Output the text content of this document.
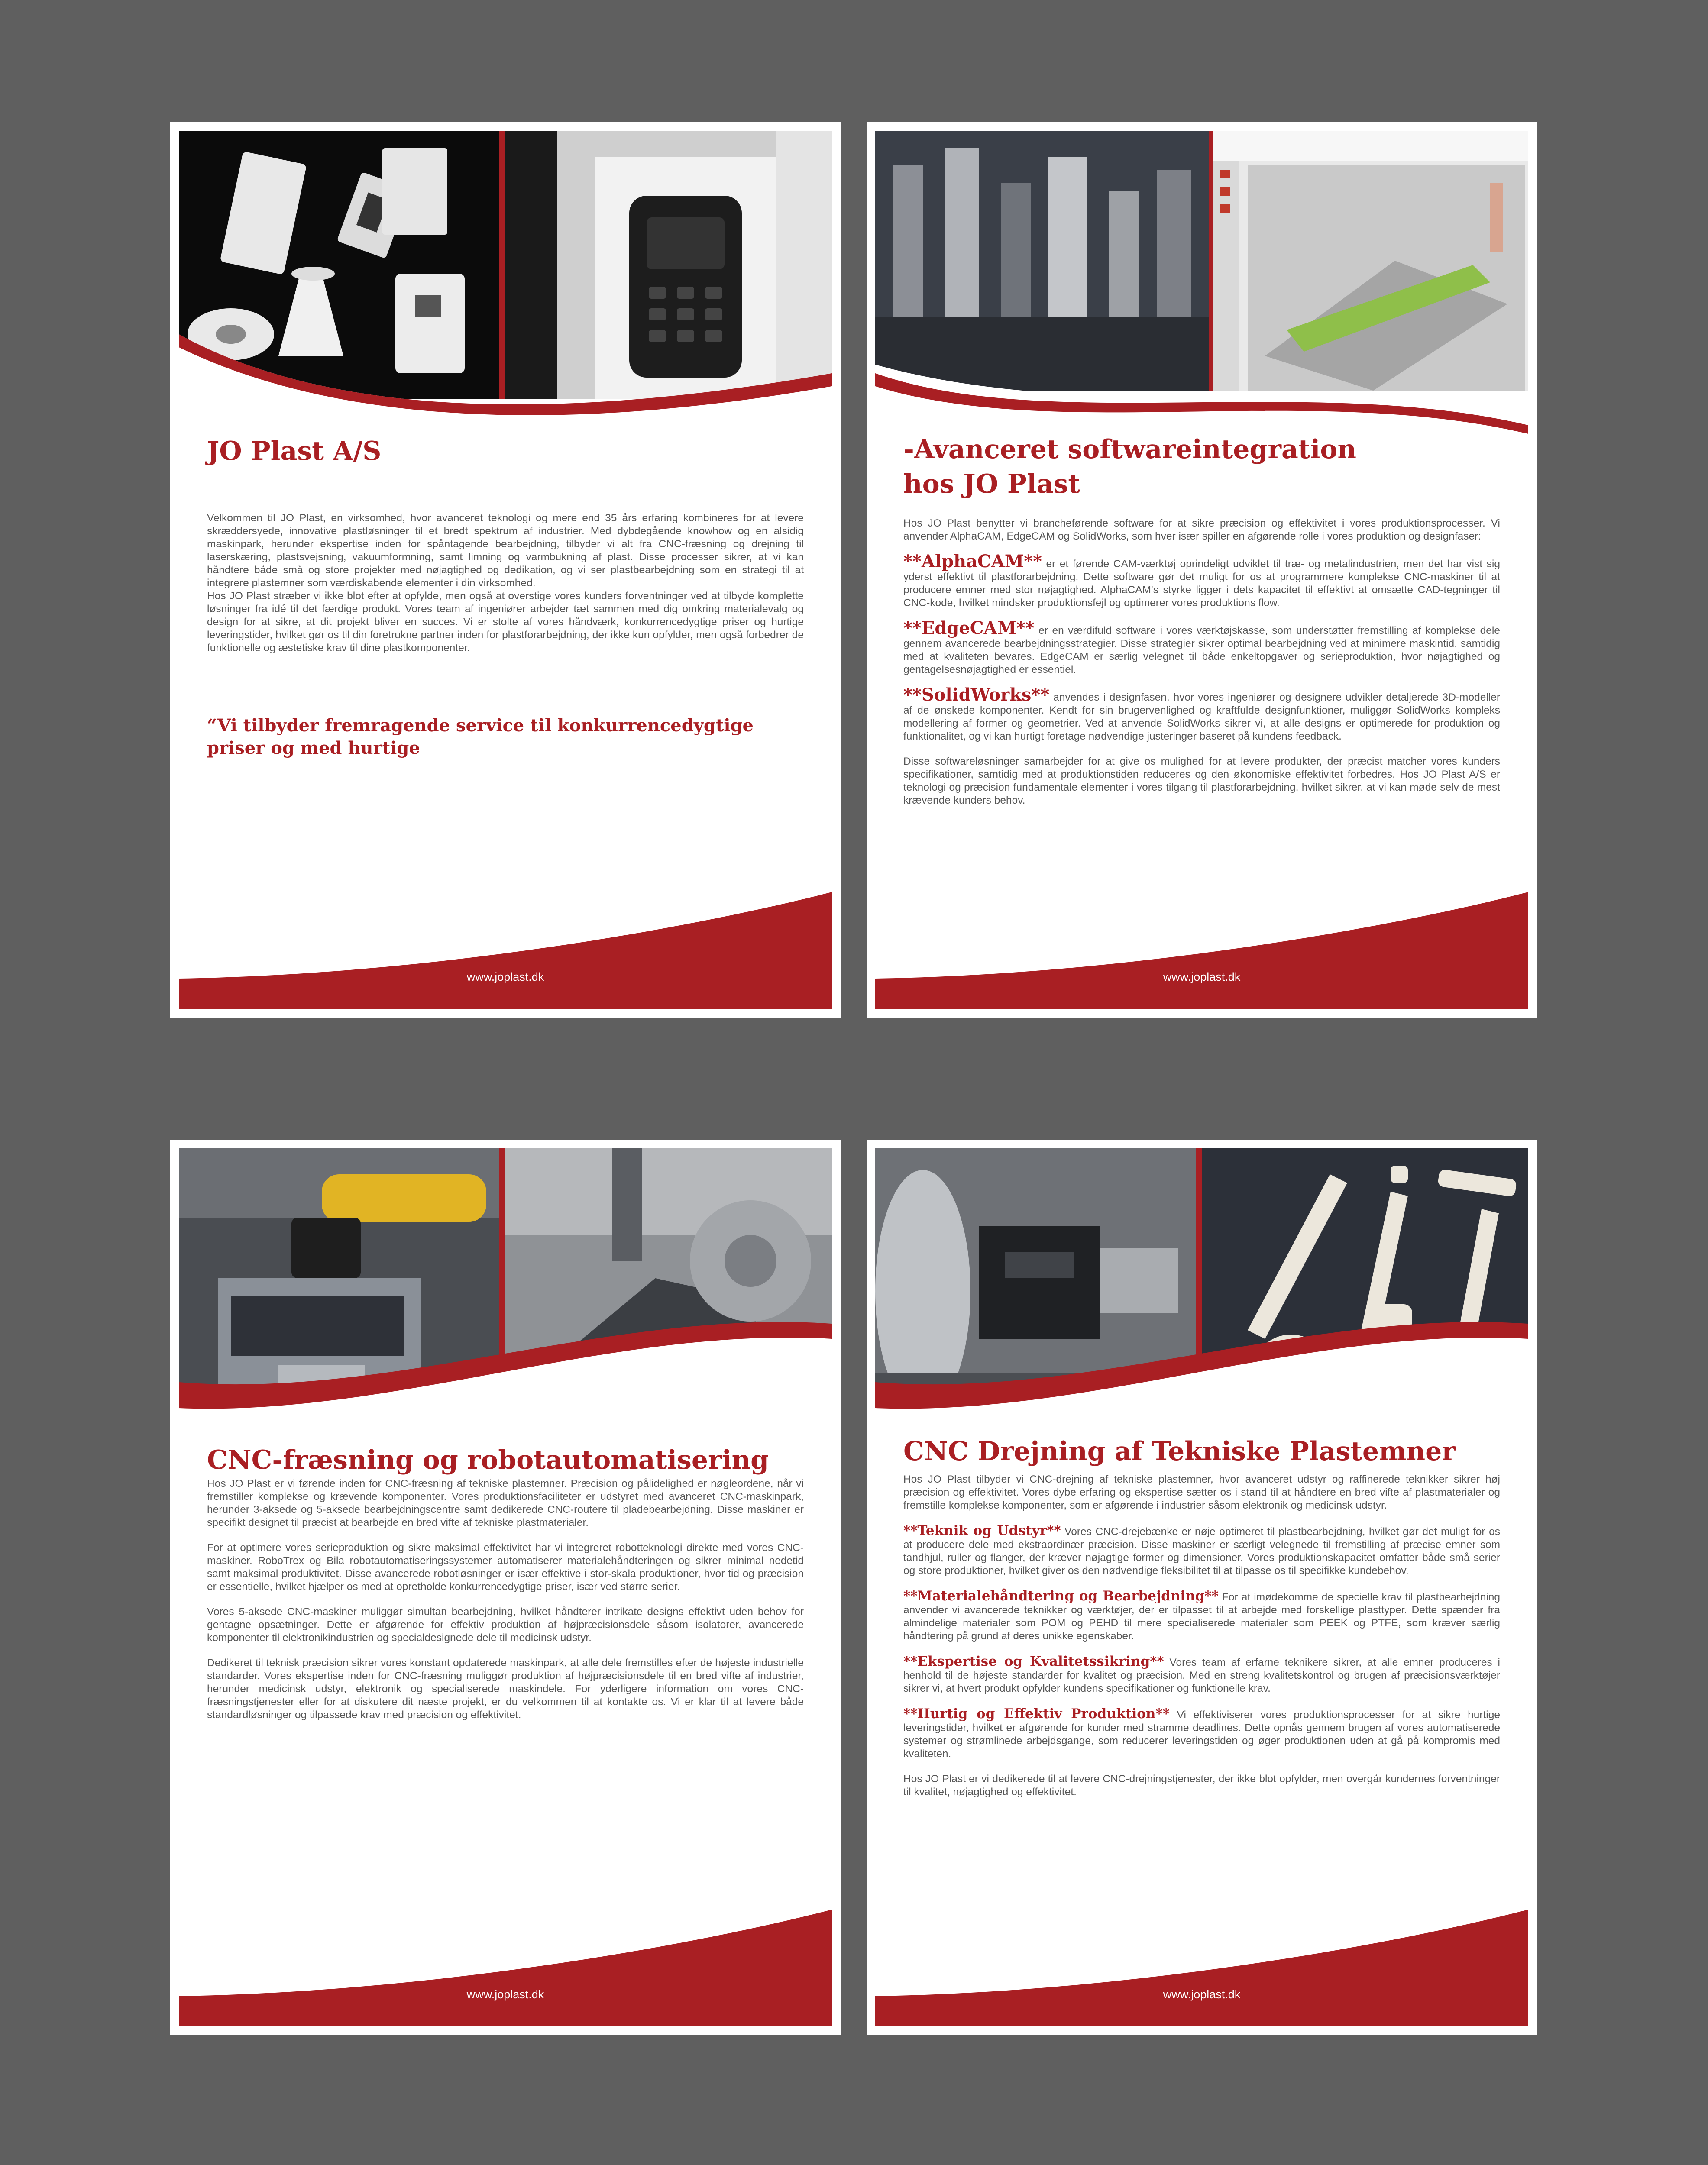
JO Plast A/S

Velkommen til JO Plast, en virksomhed, hvor avanceret teknologi og mere end 35 års erfaring kombineres for at levere skræddersyede, innovative plastløsninger til et bredt spektrum af industrier. Med dybdegående knowhow og en alsidig maskinpark, herunder ekspertise inden for spåntagende bearbejdning, tilbyder vi alt fra CNC-fræsning og drejning til laserskæring, plastsvejsning, vakuumformning, samt limning og varmbukning af plast. Disse processer sikrer, at vi kan håndtere både små og store projekter med nøjagtighed og dedikation, og vi ser plastbearbejdning som en strategi til at integrere plastemner som værdiskabende elementer i din virksomhed.

Hos JO Plast stræber vi ikke blot efter at opfylde, men også at overstige vores kunders forventninger ved at tilbyde komplette løsninger fra idé til det færdige produkt. Vores team af ingeniører arbejder tæt sammen med dig omkring materialevalg og design for at sikre, at dit projekt bliver en succes. Vi er stolte af vores håndværk, konkurrencedygtige priser og hurtige leveringstider, hvilket gør os til din foretrukne partner inden for plastforarbejdning, der ikke kun opfylder, men også forbedrer de funktionelle og æstetiske krav til dine plastkomponenter.

“Vi tilbyder fremragende service til konkurrencedygtige priser og med hurtige

www.joplast.dk
-Avanceret softwareintegration
hos JO Plast

Hos JO Plast benytter vi brancheførende software for at sikre præcision og effektivitet i vores produktionsprocesser. Vi anvender AlphaCAM, EdgeCAM og SolidWorks, som hver især spiller en afgørende rolle i vores produktion og designfaser:

**AlphaCAM** er et førende CAM-værktøj oprindeligt udviklet til træ- og metalindustrien, men det har vist sig yderst effektivt til plastforarbejdning. Dette software gør det muligt for os at programmere komplekse CNC-maskiner til at producere emner med stor nøjagtighed. AlphaCAM's styrke ligger i dets kapacitet til effektivt at omsætte CAD-tegninger til CNC-kode, hvilket mindsker produktionsfejl og optimerer vores produktions flow.

**EdgeCAM** er en værdifuld software i vores værktøjskasse, som understøtter fremstilling af komplekse dele gennem avancerede bearbejdningsstrategier. Disse strategier sikrer optimal bearbejdning ved at minimere maskintid, samtidig med at kvaliteten bevares. EdgeCAM er særlig velegnet til både enkeltopgaver og serieproduktion, hvor nøjagtighed og gentagelsesnøjagtighed er essentiel.

**SolidWorks** anvendes i designfasen, hvor vores ingeniører og designere udvikler detaljerede 3D-modeller af de ønskede komponenter. Kendt for sin brugervenlighed og kraftfulde designfunktioner, muliggør SolidWorks kompleks modellering af former og geometrier. Ved at anvende SolidWorks sikrer vi, at alle designs er optimerede for produktion og funktionalitet, og vi kan hurtigt foretage nødvendige justeringer baseret på kundens feedback.

Disse softwareløsninger samarbejder for at give os mulighed for at levere produkter, der præcist matcher vores kunders specifikationer, samtidig med at produktionstiden reduceres og den økonomiske effektivitet forbedres. Hos JO Plast A/S er teknologi og præcision fundamentale elementer i vores tilgang til plastforarbejdning, hvilket sikrer, at vi kan møde selv de mest krævende kunders behov.

www.joplast.dk
CNC-fræsning og robotautomatisering

Hos JO Plast er vi førende inden for CNC-fræsning af tekniske plastemner. Præcision og pålidelighed er nøgleordene, når vi fremstiller komplekse og krævende komponenter. Vores produktionsfaciliteter er udstyret med avanceret CNC-maskinpark, herunder 3-aksede og 5-aksede bearbejdningscentre samt dedikerede CNC-routere til pladebearbejdning. Disse maskiner er specifikt designet til præcist at bearbejde en bred vifte af tekniske plastmaterialer.

For at optimere vores serieproduktion og sikre maksimal effektivitet har vi integreret robotteknologi direkte med vores CNC-maskiner. RoboTrex og Bila robotautomatiseringssystemer automatiserer materialehåndteringen og sikrer minimal nedetid samt maksimal produktivitet. Disse avancerede robotløsninger er især effektive i stor-skala produktioner, hvor tid og præcision er essentielle, hvilket hjælper os med at opretholde konkurrencedygtige priser, især ved større serier.

Vores 5-aksede CNC-maskiner muliggør simultan bearbejdning, hvilket håndterer intrikate designs effektivt uden behov for gentagne opsætninger. Dette er afgørende for effektiv produktion af højpræcisionsdele såsom isolatorer, avancerede komponenter til elektronikindustrien og specialdesignede dele til medicinsk udstyr.

Dedikeret til teknisk præcision sikrer vores konstant opdaterede maskinpark, at alle dele fremstilles efter de højeste industrielle standarder. Vores ekspertise inden for CNC-fræsning muliggør produktion af højpræcisionsdele til en bred vifte af industrier, herunder medicinsk udstyr, elektronik og specialiserede maskindele. For yderligere information om vores CNC-fræsningstjenester eller for at diskutere dit næste projekt, er du velkommen til at kontakte os. Vi er klar til at levere både standardløsninger og tilpassede krav med præcision og effektivitet.

www.joplast.dk
CNC Drejning af Tekniske Plastemner

Hos JO Plast tilbyder vi CNC-drejning af tekniske plastemner, hvor avanceret udstyr og raffinerede teknikker sikrer høj præcision og effektivitet. Vores dybe erfaring og ekspertise sætter os i stand til at håndtere en bred vifte af plastmaterialer og fremstille komplekse komponenter, som er afgørende i industrier såsom elektronik og medicinsk udstyr.

**Teknik og Udstyr** Vores CNC-drejebænke er nøje optimeret til plastbearbejdning, hvilket gør det muligt for os at producere dele med ekstraordinær præcision. Disse maskiner er særligt velegnede til fremstilling af præcise emner som tandhjul, ruller og flanger, der kræver nøjagtige former og dimensioner. Vores produktionskapacitet omfatter både små serier og store produktioner, hvilket giver os den nødvendige fleksibilitet til at tilpasse os til specifikke kundebehov.

**Materialehåndtering og Bearbejdning** For at imødekomme de specielle krav til plastbearbejdning anvender vi avancerede teknikker og værktøjer, der er tilpasset til at arbejde med forskellige plasttyper. Dette spænder fra almindelige materialer som POM og PEHD til mere specialiserede materialer som PEEK og PTFE, som kræver særlig håndtering på grund af deres unikke egenskaber.

**Ekspertise og Kvalitetssikring** Vores team af erfarne teknikere sikrer, at alle emner produceres i henhold til de højeste standarder for kvalitet og præcision. Med en streng kvalitetskontrol og brugen af præcisionsværktøjer sikrer vi, at hvert produkt opfylder kundens specifikationer og funktionelle krav.

**Hurtig og Effektiv Produktion** Vi effektiviserer vores produktionsprocesser for at sikre hurtige leveringstider, hvilket er afgørende for kunder med stramme deadlines. Dette opnås gennem brugen af vores automatiserede systemer og strømlinede arbejdsgange, som reducerer leveringstiden og øger produktionen uden at gå på kompromis med kvaliteten.

Hos JO Plast er vi dedikerede til at levere CNC-drejningstjenester, der ikke blot opfylder, men overgår kundernes forventninger til kvalitet, nøjagtighed og effektivitet.

www.joplast.dk
